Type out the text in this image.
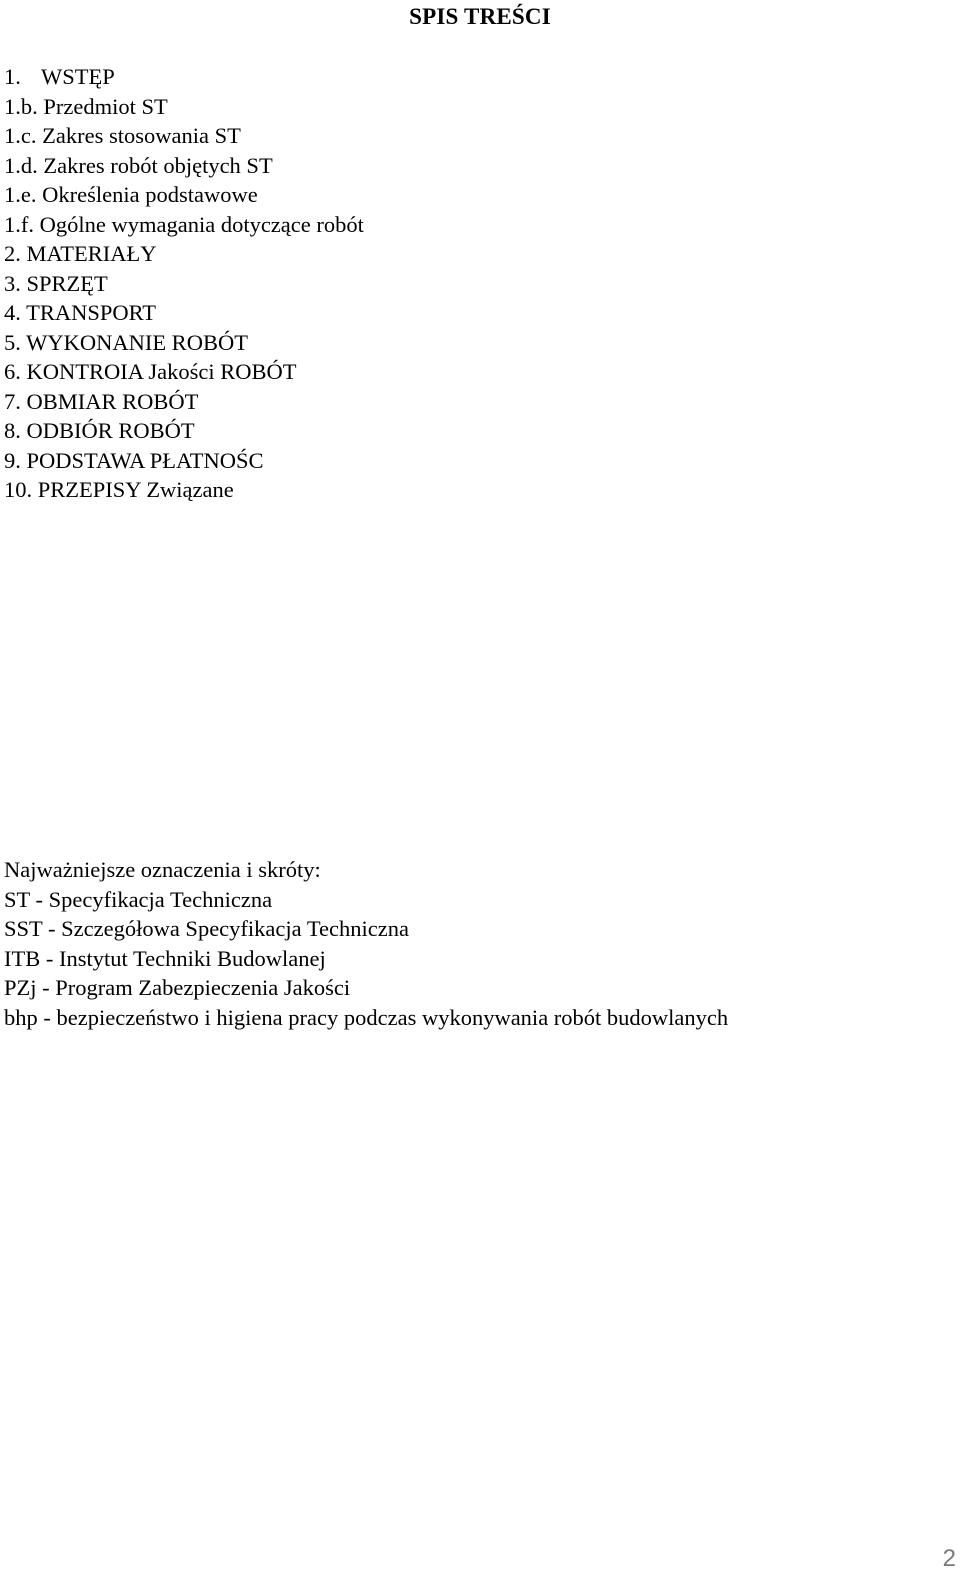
SPIS TREŚCI
1. WSTĘP
1.b. Przedmiot ST
1.c. Zakres stosowania ST
1.d. Zakres robót objętych ST
1.e. Określenia podstawowe
1.f. Ogólne wymagania dotyczące robót
2. MATERIAŁY
3. SPRZĘT
4. TRANSPORT
5. WYKONANIE ROBÓT
6. KONTROIA Jakości ROBÓT
7. OBMIAR ROBÓT
8. ODBIÓR ROBÓT
9. PODSTAWA PŁATNOŚC
10. PRZEPISY Związane
Najważniejsze oznaczenia i skróty:
ST - Specyfikacja Techniczna
SST - Szczegółowa Specyfikacja Techniczna
ITB - Instytut Techniki Budowlanej
PZj - Program Zabezpieczenia Jakości
bhp - bezpieczeństwo i higiena pracy podczas wykonywania robót budowlanych
2
